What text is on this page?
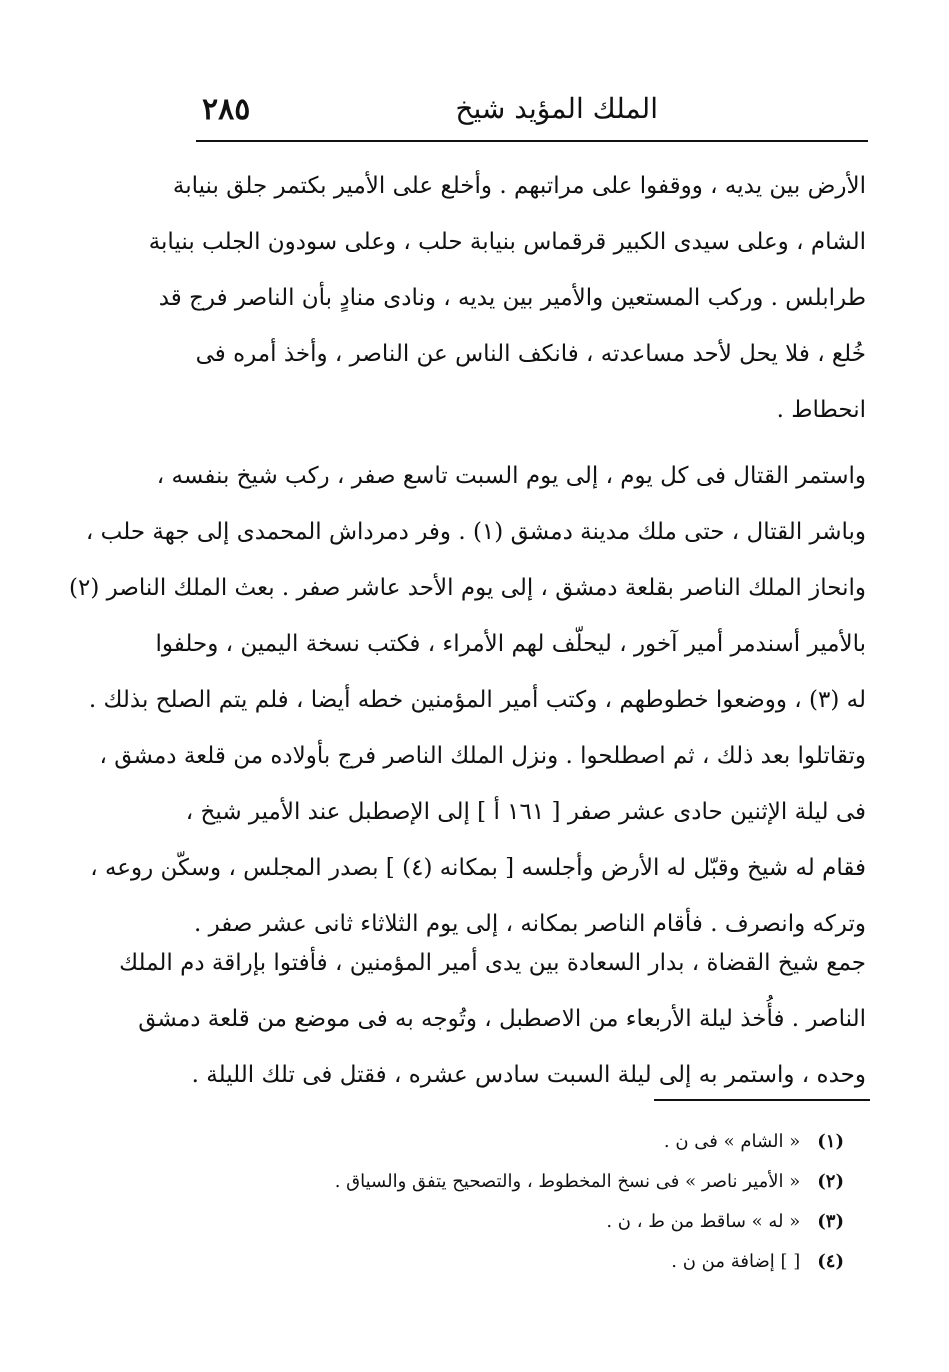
٢٨٥	الملك المؤيد شيخ
الأرض بين يديه ، ووقفوا على مراتبهم . وأخلع على الأمير بكتمر جلق بنيابة
الشام ، وعلى سيدى الكبير قرقماس بنيابة حلب ، وعلى سودون الجلب بنيابة
طرابلس . وركب المستعين والأمير بين يديه ، ونادى منادٍ بأن الناصر فرج قد
خُلع ، فلا يحل لأحد مساعدته ، فانكف الناس عن الناصر ، وأخذ أمره فى
انحطاط .
واستمر القتال فى كل يوم ، إلى يوم السبت تاسع صفر ، ركب شيخ بنفسه ،
وباشر القتال ، حتى ملك مدينة دمشق (١) . وفر دمرداش المحمدى إلى جهة حلب ،
وانحاز الملك الناصر بقلعة دمشق ، إلى يوم الأحد عاشر صفر . بعث الملك الناصر (٢)
بالأمير أسندمر أمير آخور ، ليحلّف لهم الأمراء ، فكتب نسخة اليمين ، وحلفوا
له (٣) ، ووضعوا خطوطهم ، وكتب أمير المؤمنين خطه أيضا ، فلم يتم الصلح بذلك .
وتقاتلوا بعد ذلك ، ثم اصطلحوا . ونزل الملك الناصر فرج بأولاده من قلعة دمشق ،
فى ليلة الإثنين حادى عشر صفر [ ١٦١ أ ] إلى الإصطبل عند الأمير شيخ ،
فقام له شيخ وقبّل له الأرض وأجلسه [ بمكانه (٤) ] بصدر المجلس ، وسكّن روعه ،
وتركه وانصرف . فأقام الناصر بمكانه ، إلى يوم الثلاثاء ثانى عشر صفر .
جمع شيخ القضاة ، بدار السعادة بين يدى أمير المؤمنين ، فأفتوا بإراقة دم الملك
الناصر . فأُخذ ليلة الأربعاء من الاصطبل ، وتُوجه به فى موضع من قلعة دمشق
وحده ، واستمر به إلى ليلة السبت سادس عشره ، فقتل فى تلك الليلة .
(١) « الشام » فى ن .
(٢) « الأمير ناصر » فى نسخ المخطوط ، والتصحيح يتفق والسياق .
(٣) « له » ساقط من ط ، ن .
(٤) [ ] إضافة من ن .
